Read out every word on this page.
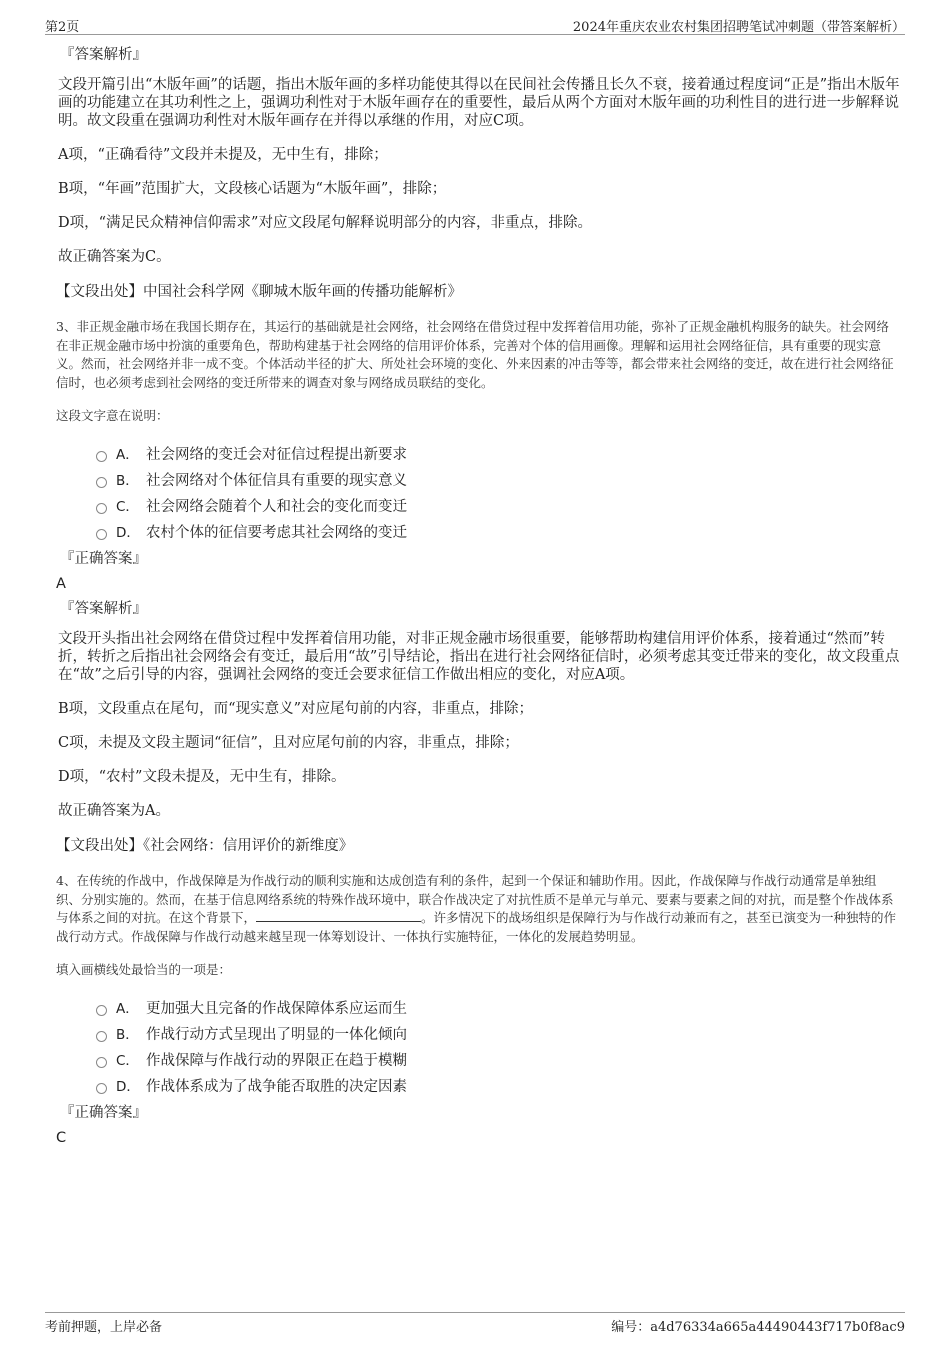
第2页	2024年重庆农业农村集团招聘笔试冲刺题（带答案解析）
『答案解析』

文段开篇引出“木版年画”的话题，指出木版年画的多样功能使其得以在民间社会传播且长久不衰，接着通过程度词“正是”指出木版年画的功能建立在其功利性之上，强调功利性对于木版年画存在的重要性，最后从两个方面对木版年画的功利性目的进行进一步解释说明。故文段重在强调功利性对木版年画存在并得以承继的作用，对应C项。

A项，“正确看待”文段并未提及，无中生有，排除；

B项，“年画”范围扩大，文段核心话题为“木版年画”，排除；

D项，“满足民众精神信仰需求”对应文段尾句解释说明部分的内容，非重点，排除。

故正确答案为C。

【文段出处】中国社会科学网《聊城木版年画的传播功能解析》
3、非正规金融市场在我国长期存在，其运行的基础就是社会网络，社会网络在借贷过程中发挥着信用功能，弥补了正规金融机构服务的缺失。社会网络在非正规金融市场中扮演的重要角色，帮助构建基于社会网络的信用评价体系，完善对个体的信用画像。理解和运用社会网络征信，具有重要的现实意义。然而，社会网络并非一成不变。个体活动半径的扩大、所处社会环境的变化、外来因素的冲击等等，都会带来社会网络的变迁，故在进行社会网络征信时，也必须考虑到社会网络的变迁所带来的调查对象与网络成员联结的变化。
这段文字意在说明：
A． 社会网络的变迁会对征信过程提出新要求
B． 社会网络对个体征信具有重要的现实意义
C． 社会网络会随着个人和社会的变化而变迁
D． 农村个体的征信要考虑其社会网络的变迁
『正确答案』
A
『答案解析』

文段开头指出社会网络在借贷过程中发挥着信用功能，对非正规金融市场很重要，能够帮助构建信用评价体系，接着通过“然而”转折，转折之后指出社会网络会有变迁，最后用“故”引导结论，指出在进行社会网络征信时，必须考虑其变迁带来的变化，故文段重点在“故”之后引导的内容，强调社会网络的变迁会要求征信工作做出相应的变化，对应A项。

B项，文段重点在尾句，而“现实意义”对应尾句前的内容，非重点，排除；

C项，未提及文段主题词“征信”，且对应尾句前的内容，非重点，排除；

D项，“农村”文段未提及，无中生有，排除。

故正确答案为A。

【文段出处】《社会网络：信用评价的新维度》
4、在传统的作战中，作战保障是为作战行动的顺利实施和达成创造有利的条件，起到一个保证和辅助作用。因此，作战保障与作战行动通常是单独组织、分别实施的。然而，在基于信息网络系统的特殊作战环境中，联合作战决定了对抗性质不是单元与单元、要素与要素之间的对抗，而是整个作战体系与体系之间的对抗。在这个背景下，	。许多情况下的战场组织是保障行为与作战行动兼而有之，甚至已演变为一种独特的作战行动方式。作战保障与作战行动越来越呈现一体筹划设计、一体执行实施特征，一体化的发展趋势明显。
填入画横线处最恰当的一项是：
A． 更加强大且完备的作战保障体系应运而生
B． 作战行动方式呈现出了明显的一体化倾向
C． 作战保障与作战行动的界限正在趋于模糊
D． 作战体系成为了战争能否取胜的决定因素
『正确答案』
C
考前押题，上岸必备	编号：a4d76334a665a44490443f717b0f8ac9
